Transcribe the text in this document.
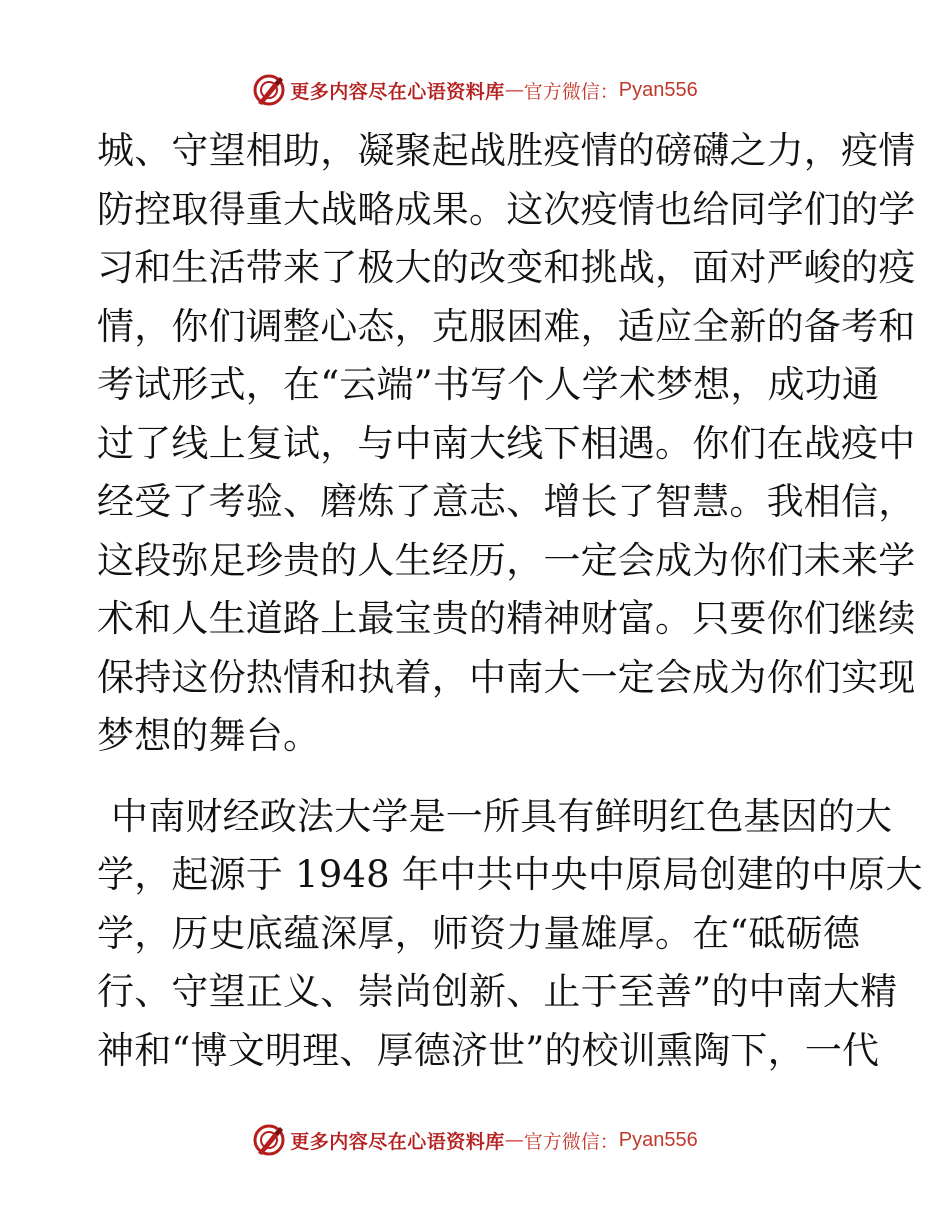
更多内容尽在心语资料库 — 官方微信： Pyan556

城、守望相助，凝聚起战胜疫情的磅礴之力，疫情

防控取得重大战略成果。这次疫情也给同学们的学

习和生活带来了极大的改变和挑战，面对严峻的疫

情，你们调整心态，克服困难，适应全新的备考和

考试形式，在“云端”书写个人学术梦想，成功通

过了线上复试，与中南大线下相遇。你们在战疫中

经受了考验、磨炼了意志、增长了智慧。我相信，

这段弥足珍贵的人生经历，一定会成为你们未来学

术和人生道路上最宝贵的精神财富。只要你们继续

保持这份热情和执着，中南大一定会成为你们实现

梦想的舞台。

中南财经政法大学是一所具有鲜明红色基因的大

学，起源于 1948 年中共中央中原局创建的中原大

学，历史底蕴深厚，师资力量雄厚。在“砥砺德

行、守望正义、崇尚创新、止于至善”的中南大精

神和“博文明理、厚德济世”的校训熏陶下，一代

更多内容尽在心语资料库 — 官方微信： Pyan556
